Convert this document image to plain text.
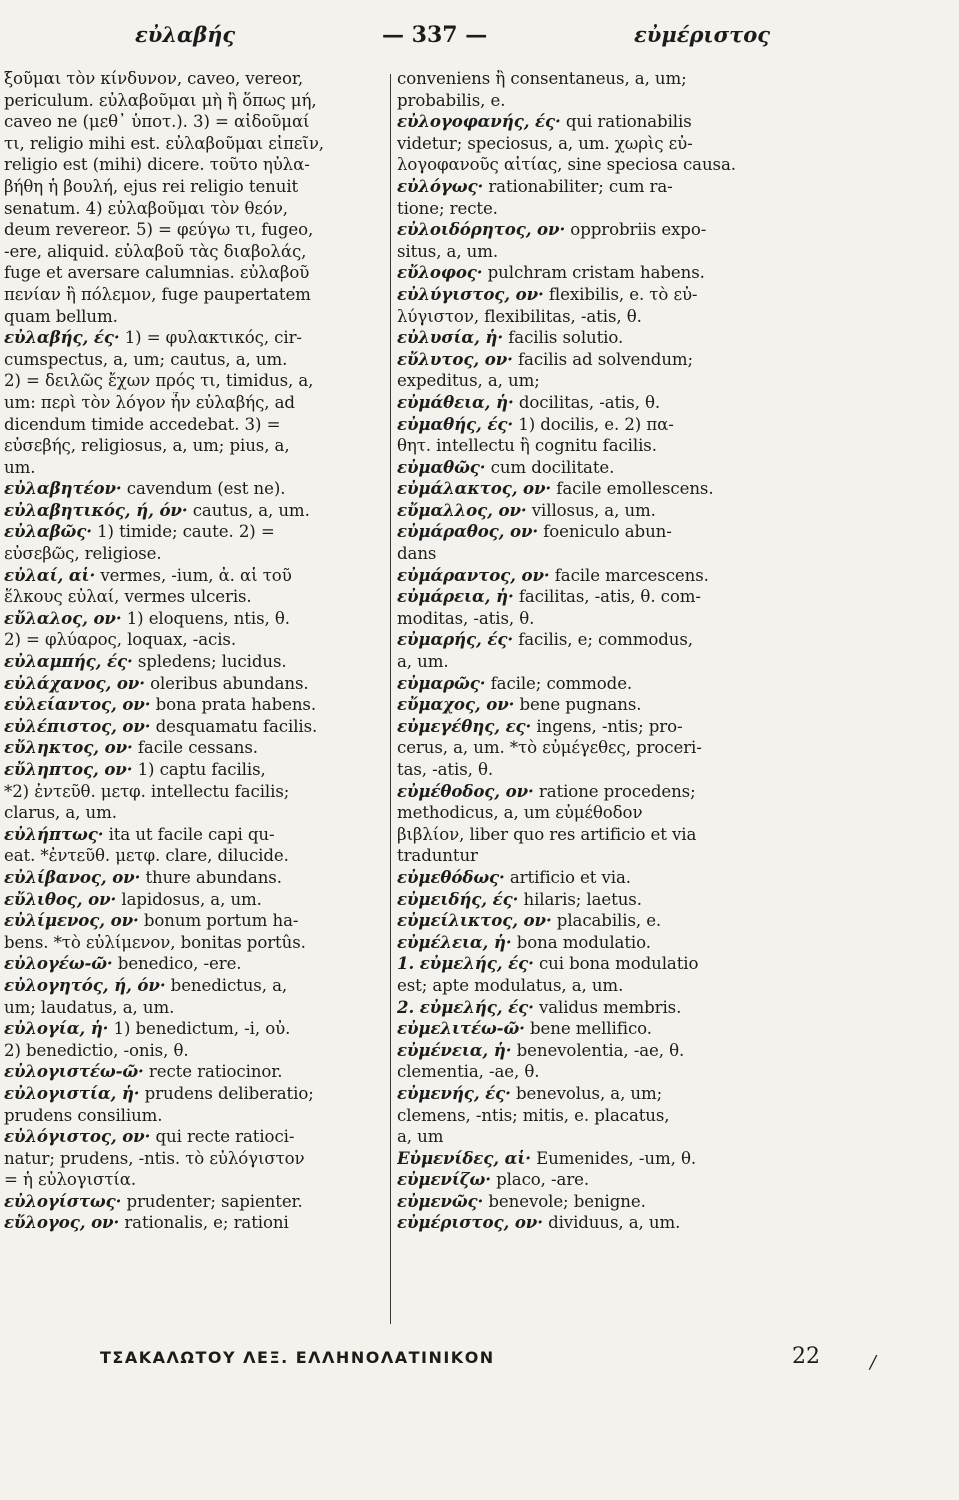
εὐλαβής	— 337 —	εὐμέριστος
ξοῦμαι τὸν κίνδυνον, caveo, vereor,
periculum. εὐλαβοῦμαι μὴ ἢ ὅπως μή,
caveo ne (μεθ᾽ ὑποτ.). 3) = αἰδοῦμαί
τι, religio mihi est. εὐλαβοῦμαι εἰπεῖν,
religio est (mihi) dicere. τοῦτο ηὐλα-
βήθη ἡ βουλή, ejus rei religio tenuit
senatum. 4) εὐλαβοῦμαι τὸν θεόν,
deum revereor. 5) = φεύγω τι, fugeo,
-ere, aliquid. εὐλαβοῦ τὰς διαβολάς,
fuge et aversare calumnias. εὐλαβοῦ
πενίαν ἢ πόλεμον, fuge paupertatem
quam bellum.
εὐλαβής, ές· 1) = φυλακτικός, cir-
cumspectus, a, um; cautus, a, um.
2) = δειλῶς ἔχων πρός τι, timidus, a,
um: περὶ τὸν λόγον ἦν εὐλαβής, ad
dicendum timide accedebat. 3) =
εὐσεβής, religiosus, a, um; pius, a,
um.
εὐλαβητέον· cavendum (est ne).
εὐλαβητικός, ή, όν· cautus, a, um.
εὐλαβῶς· 1) timide; caute. 2) =
εὐσεβῶς, religiose.
εὐλαί, αἱ· vermes, -ium, ἀ. αἱ τοῦ
ἕλκους εὐλαί, vermes ulceris.
εὔλαλος, ον· 1) eloquens, ntis, θ.
2) = φλύαρος, loquax, -acis.
εὐλαμπής, ές· spledens; lucidus.
εὐλάχανος, ον· oleribus abundans.
εὐλείαντος, ον· bona prata habens.
εὐλέπιστος, ον· desquamatu facilis.
εὔληκτος, ον· facile cessans.
εὔληπτος, ον· 1) captu facilis,
*2) ἐντεῦθ. μετφ. intellectu facilis;
clarus, a, um.
εὐλήπτως· ita ut facile capi qu-
eat. *ἐντεῦθ. μετφ. clare, dilucide.
εὐλίβανος, ον· thure abundans.
εὔλιθος, ον· lapidosus, a, um.
εὐλίμενος, ον· bonum portum ha-
bens. *τὸ εὐλίμενον, bonitas portûs.
εὐλογέω-ῶ· benedico, -ere.
εὐλογητός, ή, όν· benedictus, a,
um; laudatus, a, um.
εὐλογία, ἡ· 1) benedictum, -i, οὐ.
2) benedictio, -onis, θ.
εὐλογιστέω-ῶ· recte ratiocinor.
εὐλογιστία, ἡ· prudens deliberatio;
prudens consilium.
εὐλόγιστος, ον· qui recte ratioci-
natur; prudens, -ntis. τὸ εὐλόγιστον
= ἡ εὐλογιστία.
εὐλογίστως· prudenter; sapienter.
εὔλογος, ον· rationalis, e; rationi
conveniens ἢ consentaneus, a, um;
probabilis, e.
εὐλογοφανής, ές· qui rationabilis
videtur; speciosus, a, um. χωρὶς εὐ-
λογοφανοῦς αἰτίας, sine speciosa causa.
εὐλόγως· rationabiliter; cum ra-
tione; recte.
εὐλοιδόρητος, ον· opprobriis expo-
situs, a, um.
εὔλοφος· pulchram cristam habens.
εὐλύγιστος, ον· flexibilis, e. τὸ εὐ-
λύγιστον, flexibilitas, -atis, θ.
εὐλυσία, ἡ· facilis solutio.
εὔλυτος, ον· facilis ad solvendum;
expeditus, a, um;
εὐμάθεια, ἡ· docilitas, -atis, θ.
εὐμαθής, ές· 1) docilis, e. 2) πα-
θητ. intellectu ἢ cognitu facilis.
εὐμαθῶς· cum docilitate.
εὐμάλακτος, ον· facile emollescens.
εὔμαλλος, ον· villosus, a, um.
εὐμάραθος, ον· foeniculo abun-
dans
εὐμάραντος, ον· facile marcescens.
εὐμάρεια, ἡ· facilitas, -atis, θ. com-
moditas, -atis, θ.
εὐμαρής, ές· facilis, e; commodus,
a, um.
εὐμαρῶς· facile; commode.
εὔμαχος, ον· bene pugnans.
εὐμεγέθης, ες· ingens, -ntis; pro-
cerus, a, um. *τὸ εὐμέγεθες, proceri-
tas, -atis, θ.
εὐμέθοδος, ον· ratione procedens;
methodicus, a, um εὐμέθοδον
βιβλίον, liber quo res artificio et via
traduntur
εὐμεθόδως· artificio et via.
εὐμειδής, ές· hilaris; laetus.
εὐμείλικτος, ον· placabilis, e.
εὐμέλεια, ἡ· bona modulatio.
1. εὐμελής, ές· cui bona modulatio
est; apte modulatus, a, um.
2. εὐμελής, ές· validus membris.
εὐμελιτέω-ῶ· bene mellifico.
εὐμένεια, ἡ· benevolentia, -ae, θ.
clementia, -ae, θ.
εὐμενής, ές· benevolus, a, um;
clemens, -ntis; mitis, e. placatus,
a, um
Εὐμενίδες, αἱ· Eumenides, -um, θ.
εὐμενίζω· placo, -are.
εὐμενῶς· benevole; benigne.
εὐμέριστος, ον· dividuus, a, um.
ΤΣΑΚΑΛΩΤΟΥ ΛΕΞ. ΕΛΛΗΝΟΛΑΤΙΝΙΚΟΝ	22	/
